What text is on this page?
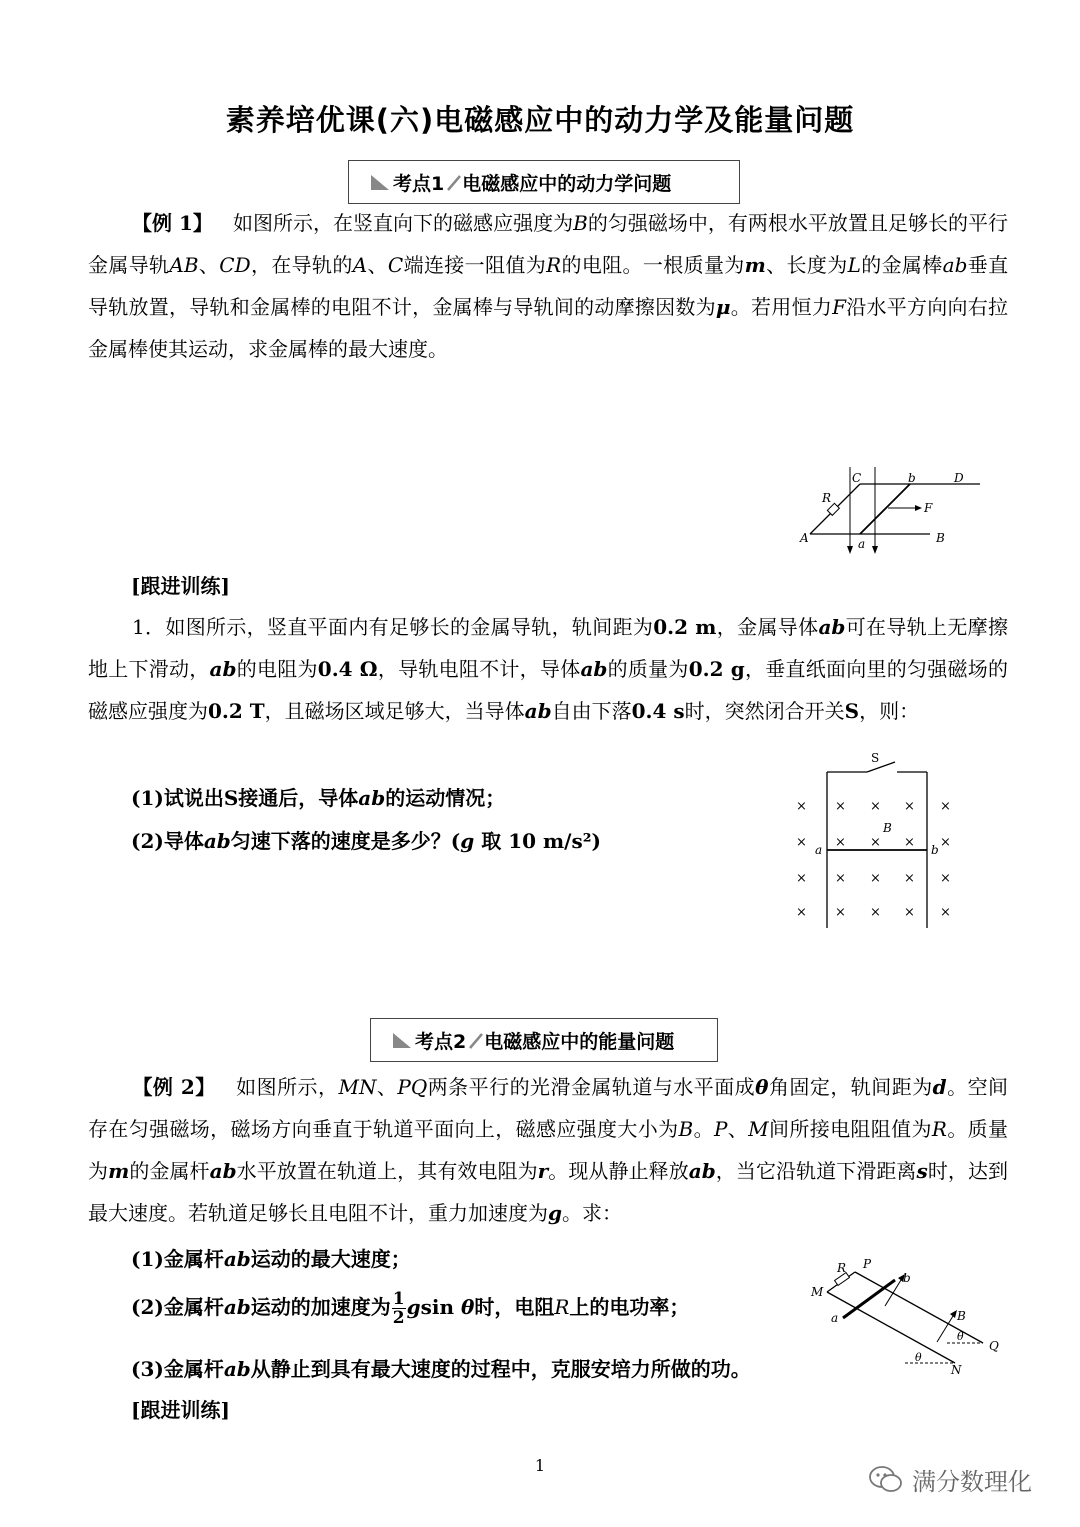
素养培优课(六)电磁感应中的动力学及能量问题
考点1 电磁感应中的动力学问题
【例 1】 如图所示，在竖直向下的磁感应强度为B的匀强磁场中，有两根水平放置且足够长的平行金属导轨AB、CD，在导轨的A、C端连接一阻值为R的电阻。一根质量为m、长度为L的金属棒ab垂直导轨放置，导轨和金属棒的电阻不计，金属棒与导轨间的动摩擦因数为μ。若用恒力F沿水平方向向右拉金属棒使其运动，求金属棒的最大速度。
C	b	D
R
F
A	a	B
[跟进训练]
1．如图所示，竖直平面内有足够长的金属导轨，轨间距为0.2 m，金属导体ab可在导轨上无摩擦地上下滑动，ab的电阻为0.4 Ω，导轨电阻不计，导体ab的质量为0.2 g，垂直纸面向里的匀强磁场的磁感应强度为0.2 T，且磁场区域足够大，当导体ab自由下落0.4 s时，突然闭合开关S，则：
(1)试说出S接通后，导体ab的运动情况；
(2)导体ab匀速下落的速度是多少？(g 取 10 m/s²)
S
a	b
B
× × × × ×
× × × × ×
× × × × ×
× × × × ×
考点2 电磁感应中的能量问题
【例 2】 如图所示，MN、PQ两条平行的光滑金属轨道与水平面成θ角固定，轨间距为d。空间存在匀强磁场，磁场方向垂直于轨道平面向上，磁感应强度大小为B。P、M间所接电阻阻值为R。质量为m的金属杆ab水平放置在轨道上，其有效电阻为r。现从静止释放ab，当它沿轨道下滑距离s时，达到最大速度。若轨道足够长且电阻不计，重力加速度为g。求：
(1)金属杆ab运动的最大速度；
(2)金属杆ab运动的加速度为 $\frac{1}{2}$ gsin θ时，电阻R上的电功率；
(3)金属杆ab从静止到具有最大速度的过程中，克服安培力所做的功。
R P
M
b
a	B
θ
θ
Q
N
[跟进训练]
1
满分数理化
